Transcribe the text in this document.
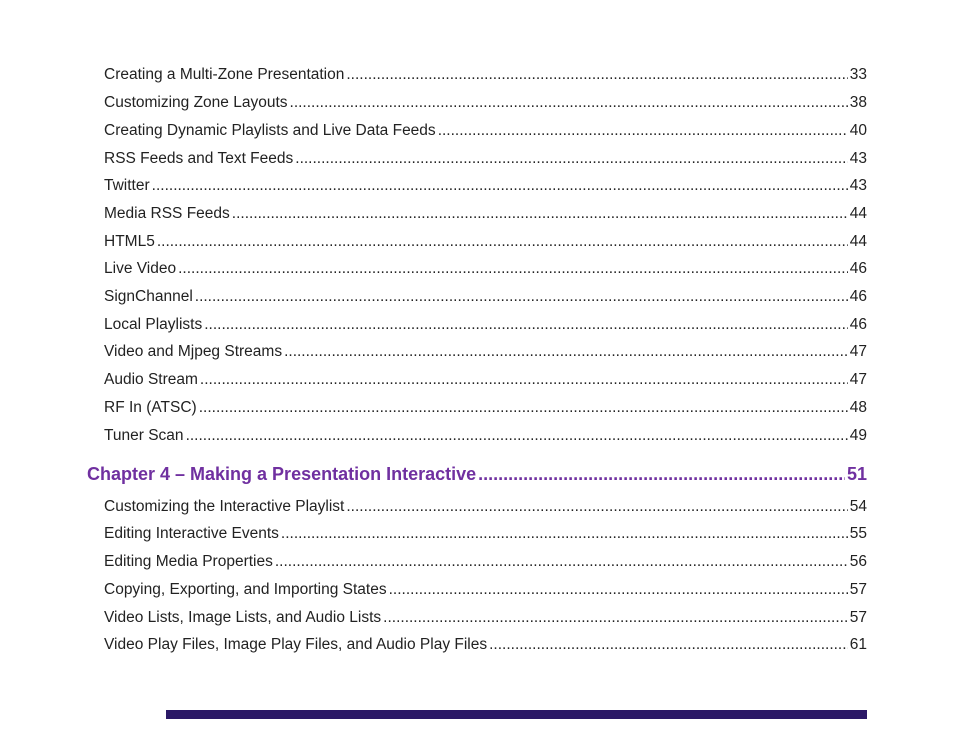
Creating a Multi-Zone Presentation .....	33
Customizing Zone Layouts .....	38
Creating Dynamic Playlists and Live Data Feeds .....	40
RSS Feeds and Text Feeds .....	43
Twitter .....	43
Media RSS Feeds .....	44
HTML5 .....	44
Live Video .....	46
SignChannel .....	46
Local Playlists .....	46
Video and Mjpeg Streams .....	47
Audio Stream .....	47
RF In (ATSC) .....	48
Tuner Scan .....	49
Chapter 4 – Making a Presentation Interactive .....	51
Customizing the Interactive Playlist .....	54
Editing Interactive Events .....	55
Editing Media Properties .....	56
Copying, Exporting, and Importing States .....	57
Video Lists, Image Lists, and Audio Lists .....	57
Video Play Files, Image Play Files, and Audio Play Files .....	61
